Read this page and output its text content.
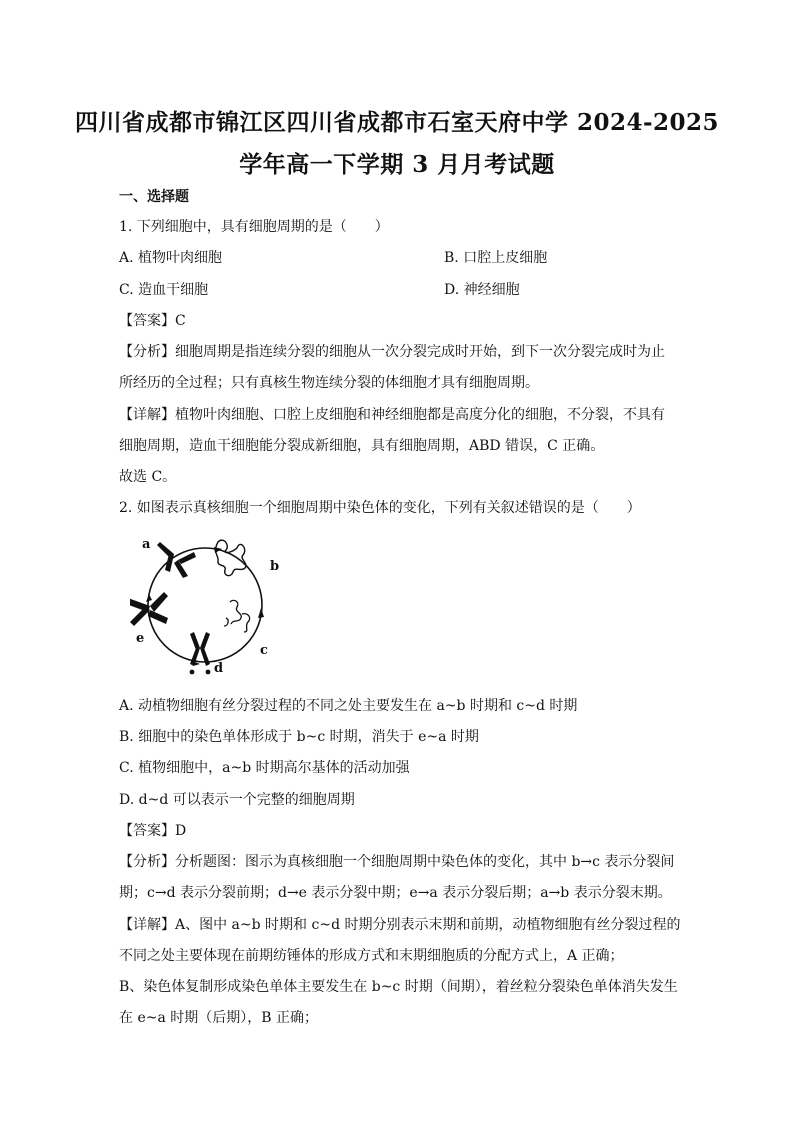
四川省成都市锦江区四川省成都市石室天府中学 2024-2025
学年高一下学期 3 月月考试题
一、选择题
1. 下列细胞中，具有细胞周期的是（　　）
A. 植物叶肉细胞	B. 口腔上皮细胞
C. 造血干细胞	D. 神经细胞
【答案】C
【分析】细胞周期是指连续分裂的细胞从一次分裂完成时开始，到下一次分裂完成时为止
所经历的全过程；只有真核生物连续分裂的体细胞才具有细胞周期。
【详解】植物叶肉细胞、口腔上皮细胞和神经细胞都是高度分化的细胞，不分裂，不具有
细胞周期，造血干细胞能分裂成新细胞，具有细胞周期，ABD 错误，C 正确。
故选 C。
2. 如图表示真核细胞一个细胞周期中染色体的变化，下列有关叙述错误的是（　　）
a
b
c
d
e
A. 动植物细胞有丝分裂过程的不同之处主要发生在 a~b 时期和 c~d 时期
B. 细胞中的染色单体形成于 b~c 时期，消失于 e~a 时期
C. 植物细胞中，a~b 时期高尔基体的活动加强
D. d~d 可以表示一个完整的细胞周期
【答案】D
【分析】分析题图：图示为真核细胞一个细胞周期中染色体的变化，其中 b→c 表示分裂间
期；c→d 表示分裂前期；d→e 表示分裂中期；e→a 表示分裂后期；a→b 表示分裂末期。
【详解】A、图中 a~b 时期和 c~d 时期分别表示末期和前期，动植物细胞有丝分裂过程的
不同之处主要体现在前期纺锤体的形成方式和末期细胞质的分配方式上，A 正确；
B、染色体复制形成染色单体主要发生在 b~c 时期（间期），着丝粒分裂染色单体消失发生
在 e~a 时期（后期），B 正确；
